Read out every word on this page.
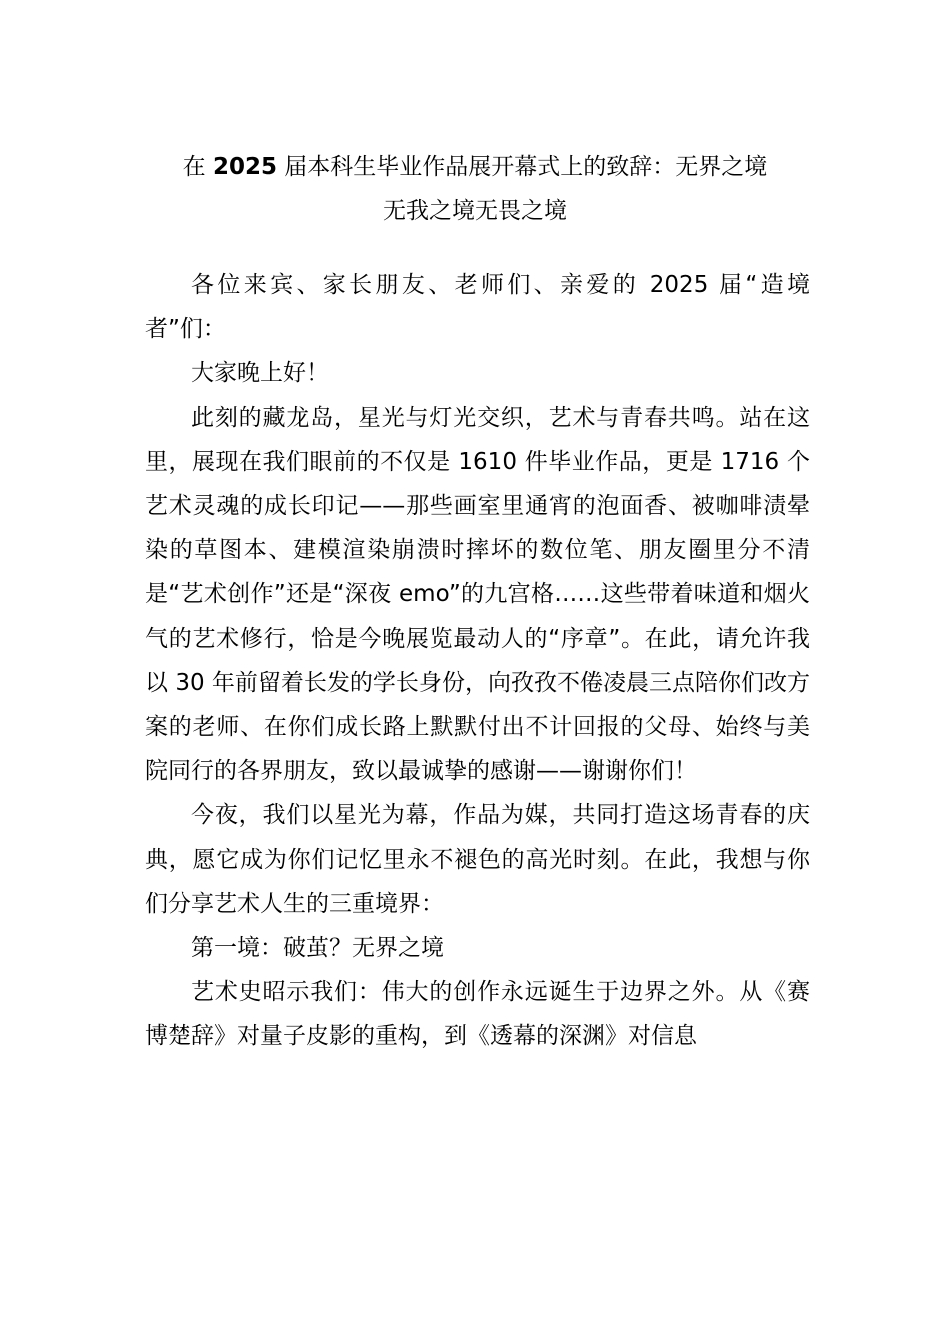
在 2025 届本科生毕业作品展开幕式上的致辞：无界之境
无我之境无畏之境

各位来宾、家长朋友、老师们、亲爱的 2025 届“造境者”们：

大家晚上好！

此刻的藏龙岛，星光与灯光交织，艺术与青春共鸣。站在这里，展现在我们眼前的不仅是 1610 件毕业作品，更是 1716 个艺术灵魂的成长印记——那些画室里通宵的泡面香、被咖啡渍晕染的草图本、建模渲染崩溃时摔坏的数位笔、朋友圈里分不清是“艺术创作”还是“深夜 emo”的九宫格……这些带着味道和烟火气的艺术修行，恰是今晚展览最动人的“序章”。在此，请允许我以 30 年前留着长发的学长身份，向孜孜不倦凌晨三点陪你们改方案的老师、在你们成长路上默默付出不计回报的父母、始终与美院同行的各界朋友，致以最诚挚的感谢——谢谢你们！

今夜，我们以星光为幕，作品为媒，共同打造这场青春的庆典，愿它成为你们记忆里永不褪色的高光时刻。在此，我想与你们分享艺术人生的三重境界：

第一境：破茧？无界之境

艺术史昭示我们：伟大的创作永远诞生于边界之外。从《赛博楚辞》对量子皮影的重构，到《透幕的深渊》对信息
